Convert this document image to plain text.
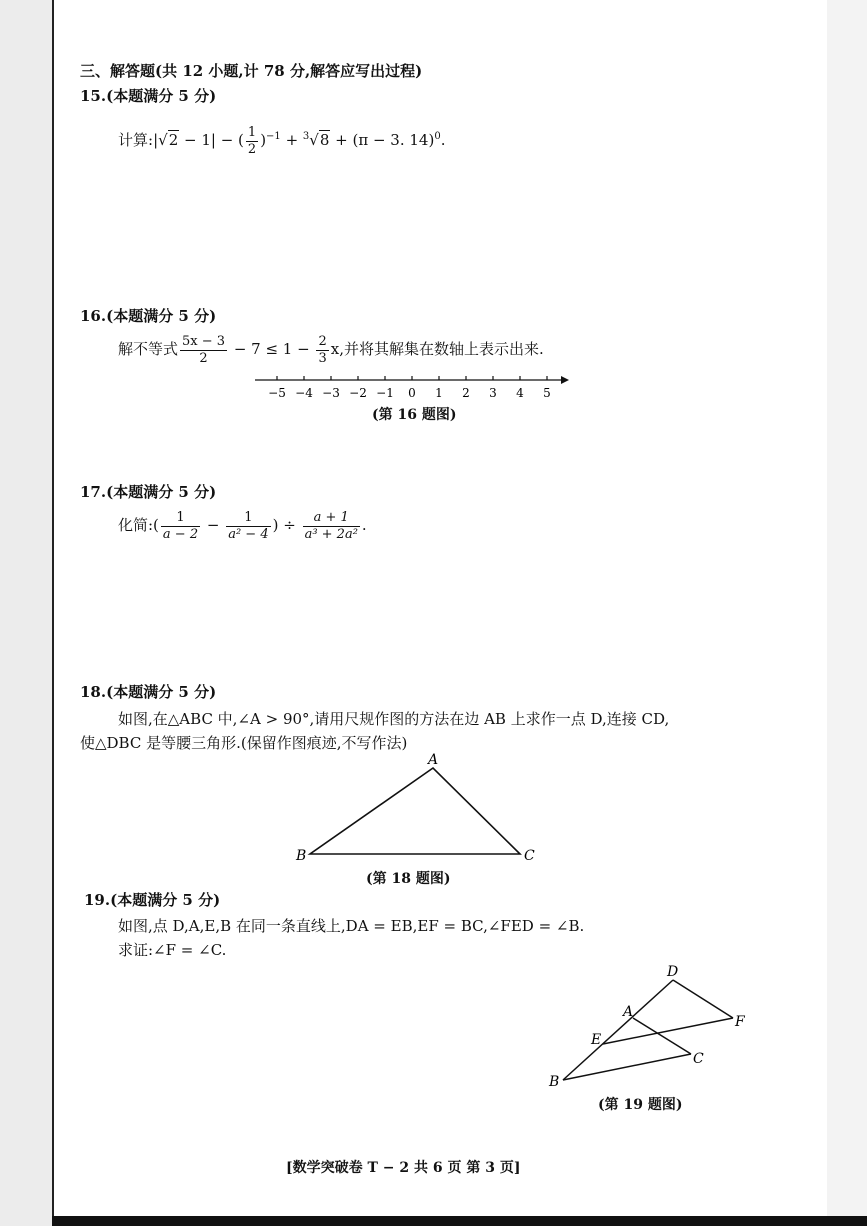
三、解答题(共 12 小题,计 78 分,解答应写出过程)
15.(本题满分 5 分)
计算:|√2 − 1| − ( $\frac{1}{2} )^{-1} + ^3√8 + (\pi - 3$. 14)$^0$.
16.(本题满分 5 分)
解不等式 $\frac{5x - 3}{2} - 7 \le 1 - \frac{2}{3} x$,并将其解集在数轴上表示出来.
−5 −4 −3 −2 −1 0 1 2 3 4 5
(第 16 题图)
17.(本题满分 5 分)
化简:( $\frac{1}{a - 2} - \frac{1}{\text{a² − 4}}$ ) ÷ $\frac{a + 1}{\text{a³ + 2a²}}$ .
18.(本题满分 5 分)
如图,在△ABC 中,∠A > 90°,请用尺规作图的方法在边 AB 上求作一点 D,连接 CD,
使△DBC 是等腰三角形.(保留作图痕迹,不写作法)
A
B	C
(第 18 题图)
19.(本题满分 5 分)
如图,点 D,A,E,B 在同一条直线上,DA = EB,EF = BC,∠FED = ∠B.
求证:∠F = ∠C.
D
A
E
B
C
F
(第 19 题图)
[数学突破卷 T − 2 共 6 页 第 3 页]
